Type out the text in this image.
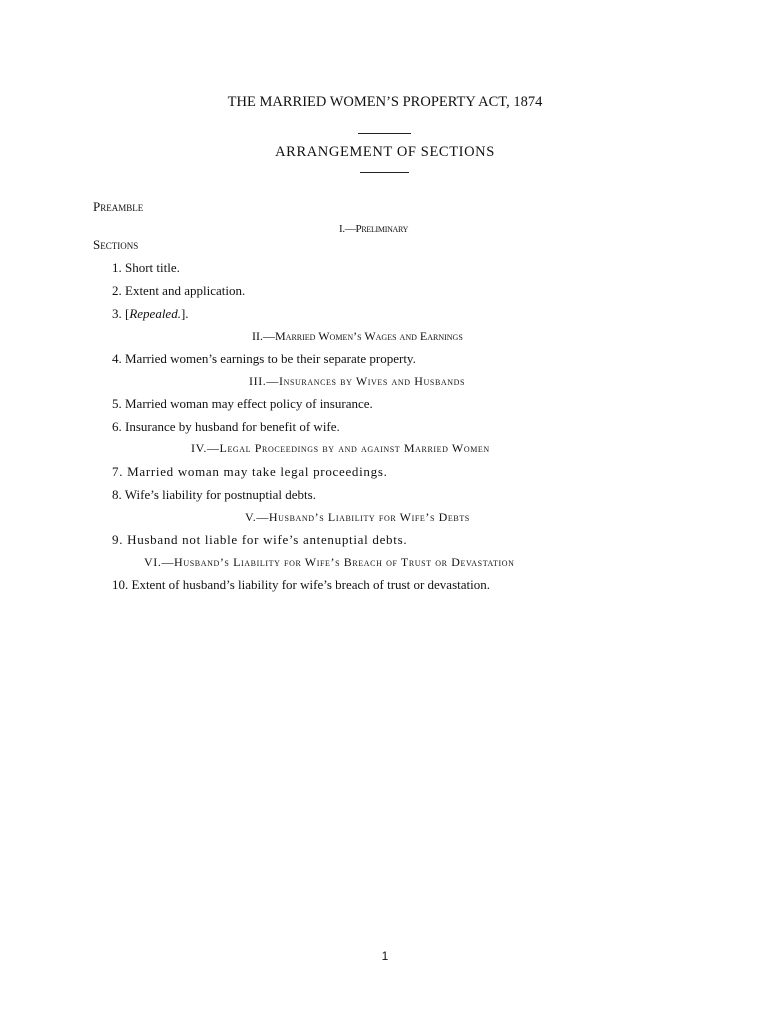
THE MARRIED WOMEN’S PROPERTY ACT, 1874
ARRANGEMENT OF SECTIONS
Preamble
I.—Preliminary
Sections
1. Short title.
2. Extent and application.
3. [Repealed.].
II.—Married Women’s Wages and Earnings
4. Married women’s earnings to be their separate property.
III.—Insurances by Wives and Husbands
5. Married woman may effect policy of insurance.
6. Insurance by husband for benefit of wife.
IV.—Legal Proceedings by and against Married Women
7. Married woman may take legal proceedings.
8. Wife’s liability for postnuptial debts.
V.—Husband’s Liability for Wife’s Debts
9. Husband not liable for wife’s antenuptial debts.
VI.—Husband’s Liability for Wife’s Breach of Trust or Devastation
10. Extent of husband’s liability for wife’s breach of trust or devastation.
1
